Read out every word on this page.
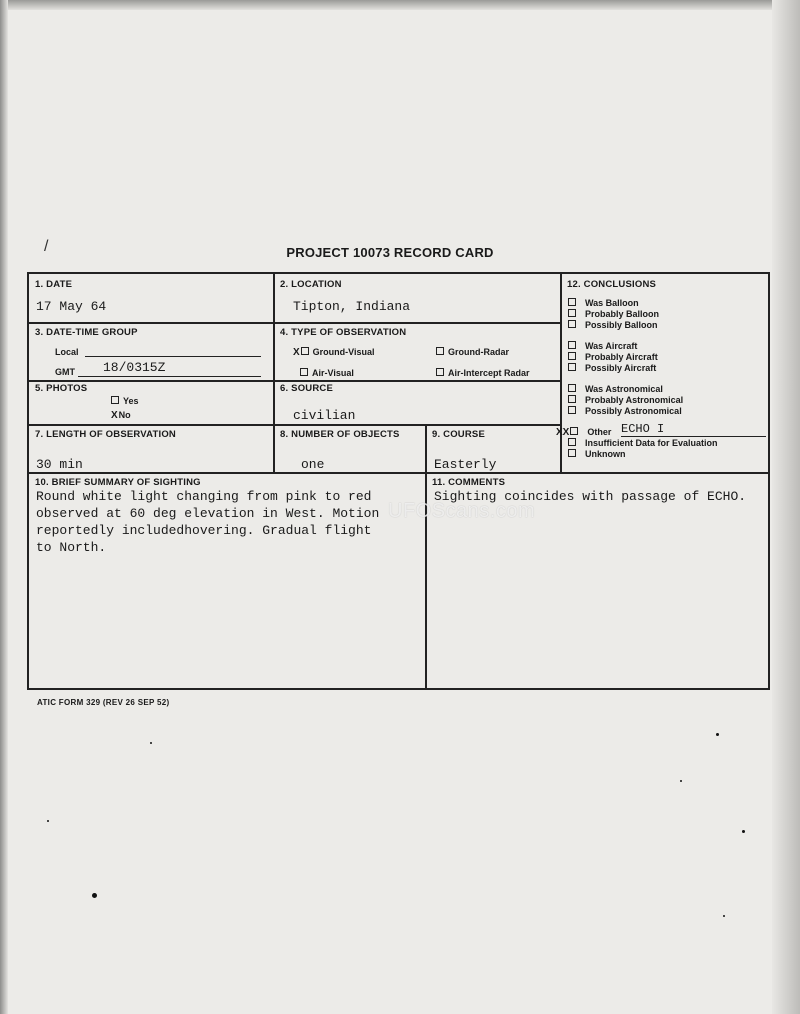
/	PROJECT 10073 RECORD CARD
1. DATE
17 May 64
2. LOCATION
Tipton, Indiana
3. DATE-TIME GROUP
Local
GMT 18/0315Z
4. TYPE OF OBSERVATION
X Ground-Visual	Ground-Radar
Air-Visual	Air-Intercept Radar
5. PHOTOS
Yes
XNo
6. SOURCE
civilian
7. LENGTH OF OBSERVATION
30 min
8. NUMBER OF OBJECTS
one
9. COURSE
Easterly
10. BRIEF SUMMARY OF SIGHTING
Round white light changing from pink to red
observed at 60 deg elevation in West. Motion
reportedly includedhovering. Gradual flight
to North.
11. COMMENTS
Sighting coincides with passage of ECHO.
12. CONCLUSIONS
Was Balloon
Probably Balloon
Possibly Balloon
Was Aircraft
Probably Aircraft
Possibly Aircraft
Was Astronomical
Probably Astronomical
Possibly Astronomical
XX Other ECHO I
Insufficient Data for Evaluation
Unknown
UFOScans.com
ATIC FORM 329 (REV 26 SEP 52)
